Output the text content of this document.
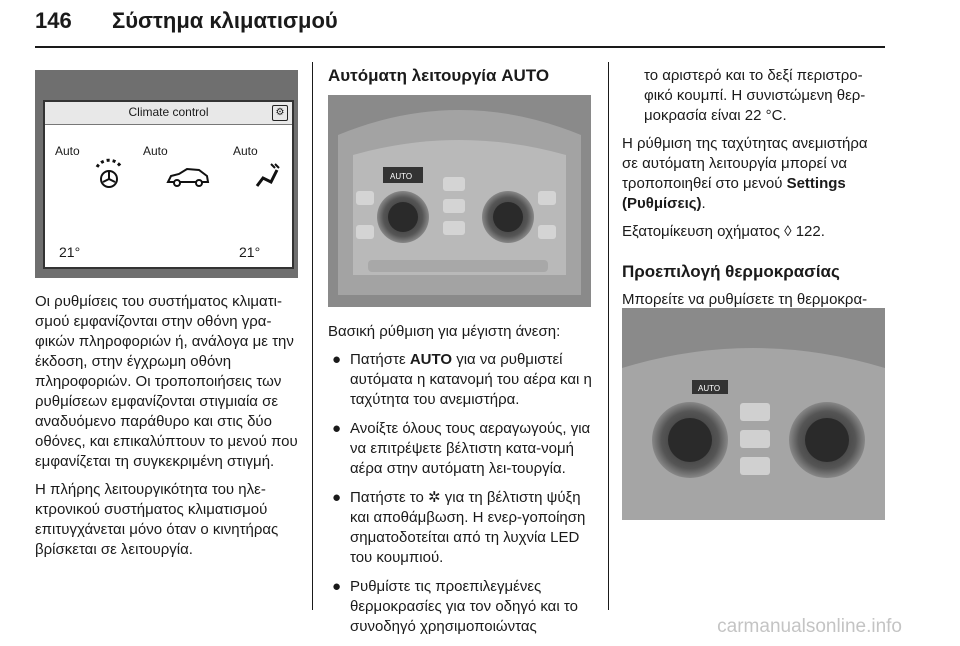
146 Σύστημα κλιματισμού
Climate control	⚙
Auto	Auto	Auto
21°	21°

Οι ρυθμίσεις του συστήματος κλιματι-σμού εμφανίζονται στην οθόνη γρα-φικών πληροφοριών ή, ανάλογα με την έκδοση, στην έγχρωμη οθόνη πληροφοριών. Οι τροποποιήσεις των ρυθμίσεων εμφανίζονται στιγμιαία σε αναδυόμενο παράθυρο και στις δύο οθόνες, και επικαλύπτουν το μενού που εμφανίζεται τη συγκεκριμένη στιγμή.

Η πλήρης λειτουργικότητα του ηλε-κτρονικού συστήματος κλιματισμού επιτυγχάνεται μόνο όταν ο κινητήρας βρίσκεται σε λειτουργία.

Αυτόματη λειτουργία AUTO
AUTO

Βασική ρύθμιση για μέγιστη άνεση:

● Πατήστε AUTO για να ρυθμιστεί αυτόματα η κατανομή του αέρα και η ταχύτητα του ανεμιστήρα.
● Ανοίξτε όλους τους αεραγωγούς, για να επιτρέψετε βέλτιστη κατα-νομή αέρα στην αυτόματη λει-τουργία.
● Πατήστε το ✲ για τη βέλτιστη ψύξη και αποθάμβωση. Η ενερ-γοποίηση σηματοδοτείται από τη λυχνία LED του κουμπιού.
● Ρυθμίστε τις προεπιλεγμένες θερμοκρασίες για τον οδηγό και το συνοδηγό χρησιμοποιώντας

το αριστερό και το δεξί περιστρο-φικό κουμπί. Η συνιστώμενη θερ-μοκρασία είναι 22 °C.

Η ρύθμιση της ταχύτητας ανεμιστήρα σε αυτόματη λειτουργία μπορεί να τροποποιηθεί στο μενού Settings (Ρυθμίσεις).

Εξατομίκευση οχήματος ◊ 122.

Προεπιλογή θερμοκρασίας

Μπορείτε να ρυθμίσετε τη θερμοκρα-

AUTO
carmanualsonline.info
